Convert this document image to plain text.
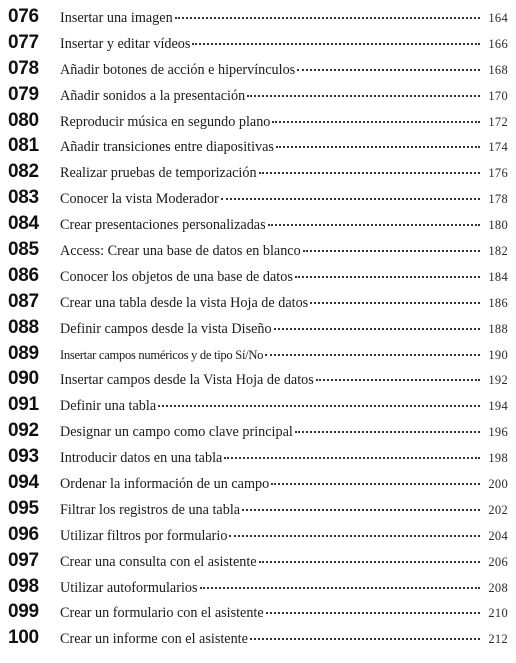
076	Insertar una imagen	164
077	Insertar y editar vídeos	166
078	Añadir botones de acción e hipervínculos	168
079	Añadir sonidos a la presentación	170
080	Reproducir música en segundo plano	172
081	Añadir transiciones entre diapositivas	174
082	Realizar pruebas de temporización	176
083	Conocer la vista Moderador	178
084	Crear presentaciones personalizadas	180
085	Access: Crear una base de datos en blanco	182
086	Conocer los objetos de una base de datos	184
087	Crear una tabla desde la vista Hoja de datos	186
088	Definir campos desde la vista Diseño	188
089	Insertar campos numéricos y de tipo Sí/No	190
090	Insertar campos desde la Vista Hoja de datos	192
091	Definir una tabla	194
092	Designar un campo como clave principal	196
093	Introducir datos en una tabla	198
094	Ordenar la información de un campo	200
095	Filtrar los registros de una tabla	202
096	Utilizar filtros por formulario	204
097	Crear una consulta con el asistente	206
098	Utilizar autoformularios	208
099	Crear un formulario con el asistente	210
100	Crear un informe con el asistente	212
